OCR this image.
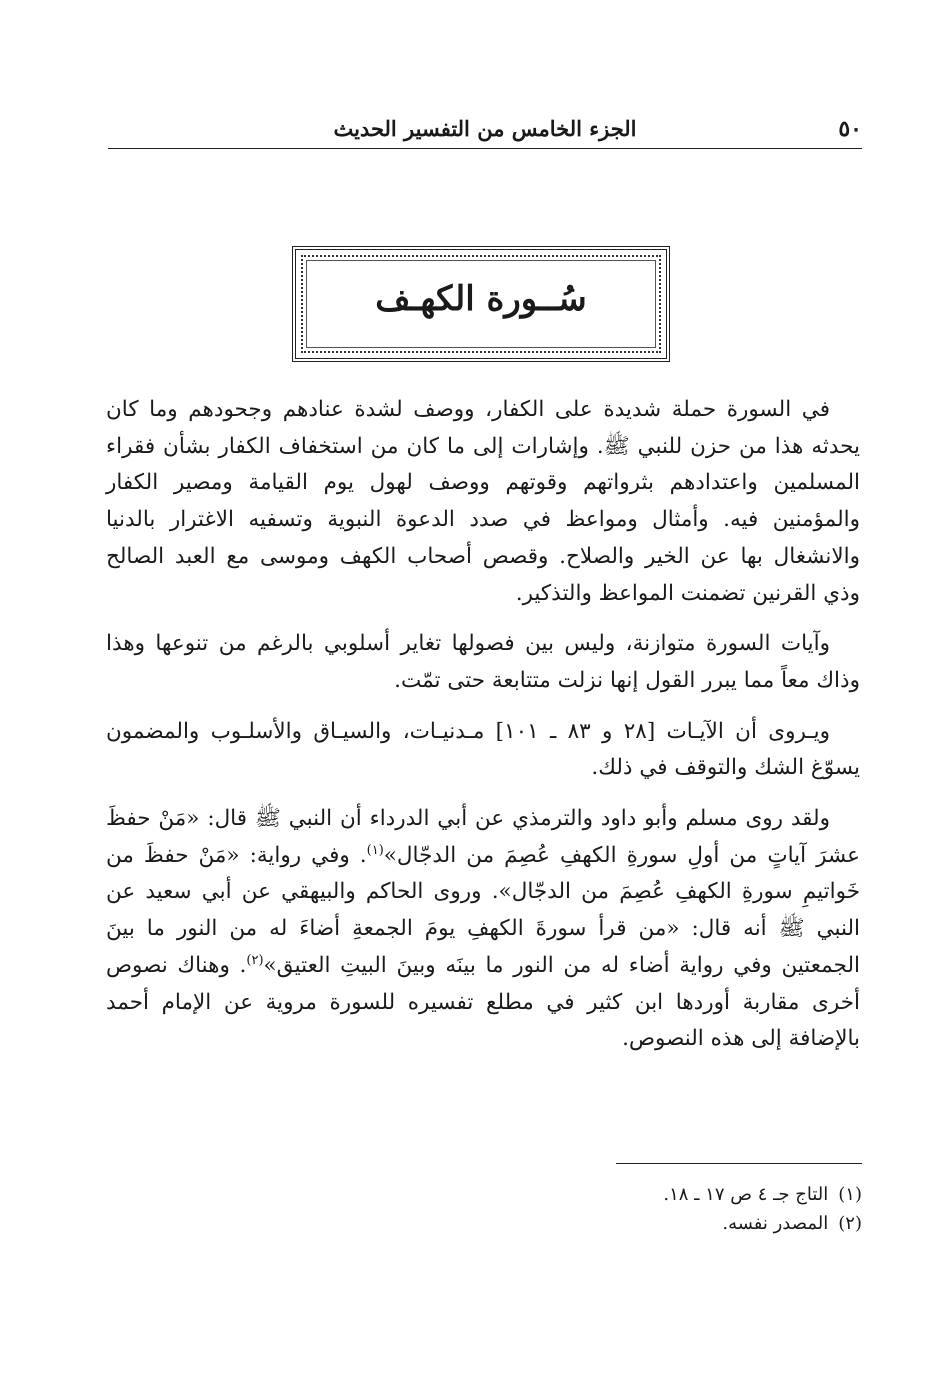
٥٠
الجزء الخامس من التفسير الحديث
سُــورة الكهـف

في السورة حملة شديدة على الكفار، ووصف لشدة عنادهم وجحودهم وما كان يحدثه هذا من حزن للنبي ﷺ. وإشارات إلى ما كان من استخفاف الكفار بشأن فقراء المسلمين واعتدادهم بثرواتهم وقوتهم ووصف لهول يوم القيامة ومصير الكفار والمؤمنين فيه. وأمثال ومواعظ في صدد الدعوة النبوية وتسفيه الاغترار بالدنيا والانشغال بها عن الخير والصلاح. وقصص أصحاب الكهف وموسى مع العبد الصالح وذي القرنين تضمنت المواعظ والتذكير.

وآيات السورة متوازنة، وليس بين فصولها تغاير أسلوبي بالرغم من تنوعها وهذا وذاك معاً مما يبرر القول إنها نزلت متتابعة حتى تمّت.

ويـروى أن الآيـات [٢٨ و ٨٣ ـ ١٠١] مـدنيـات، والسيـاق والأسلـوب والمضمون يسوّغ الشك والتوقف في ذلك.

ولقد روى مسلم وأبو داود والترمذي عن أبي الدرداء أن النبي ﷺ قال: «مَنْ حفظَ عشرَ آياتٍ من أولِ سورةِ الكهفِ عُصِمَ من الدجّال»$^{(١)}$. وفي رواية: «مَنْ حفظَ من خَواتيمِ سورةِ الكهفِ عُصِمَ من الدجّال». وروى الحاكم والبيهقي عن أبي سعيد عن النبي ﷺ أنه قال: «من قرأ سورةَ الكهفِ يومَ الجمعةِ أضاءَ له من النور ما بينَ الجمعتين وفي رواية أضاء له من النور ما بينَه وبينَ البيتِ العتيق»$^{(٢)}$. وهناك نصوص أخرى مقاربة أوردها ابن كثير في مطلع تفسيره للسورة مروية عن الإمام أحمد بالإضافة إلى هذه النصوص.

(١)التاج جـ ٤ ص ١٧ ـ ١٨.
(٢)المصدر نفسه.
